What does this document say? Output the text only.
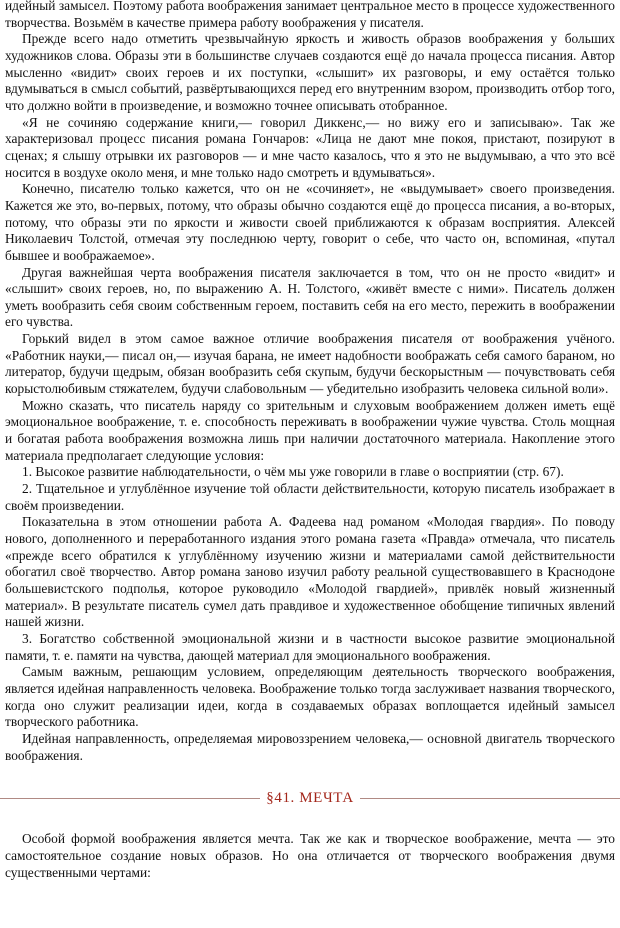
идейный замысел. Поэтому работа воображения занимает центральное место в процессе художественного творчества. Возьмём в качестве примера работу воображения у писателя.

Прежде всего надо отметить чрезвычайную яркость и живость образов воображения у больших художников слова. Образы эти в большинстве случаев создаются ещё до начала процесса писания. Автор мысленно «видит» своих героев и их поступки, «слышит» их разговоры, и ему остаётся только вдумываться в смысл событий, развёртывающихся перед его внутренним взором, производить отбор того, что должно войти в произведение, и возможно точнее описывать отобранное.

«Я не сочиняю содержание книги,— говорил Диккенс,— но вижу его и записываю». Так же характеризовал процесс писания романа Гончаров: «Лица не дают мне покоя, пристают, позируют в сценах; я слышу отрывки их разговоров — и мне часто казалось, что я это не выдумываю, а что это всё носится в воздухе около меня, и мне только надо смотреть и вдумываться».

Конечно, писателю только кажется, что он не «сочиняет», не «выдумывает» своего произведения. Кажется же это, во-первых, потому, что образы обычно создаются ещё до процесса писания, а во-вторых, потому, что образы эти по яркости и живости своей приближаются к образам восприятия. Алексей Николаевич Толстой, отмечая эту последнюю черту, говорит о себе, что часто он, вспоминая, «путал бывшее и воображаемое».

Другая важнейшая черта воображения писателя заключается в том, что он не просто «видит» и «слышит» своих героев, но, по выражению А. Н. Толстого, «живёт вместе с ними». Писатель должен уметь вообразить себя своим собственным героем, поставить себя на его место, пережить в воображении его чувства.

Горький видел в этом самое важное отличие воображения писателя от воображения учёного. «Работник науки,— писал он,— изучая барана, не имеет надобности воображать себя самого бараном, но литератор, будучи щедрым, обязан вообразить себя скупым, будучи бескорыстным — почувствовать себя корыстолюбивым стяжателем, будучи слабовольным — убедительно изобразить человека сильной воли».

Можно сказать, что писатель наряду со зрительным и слуховым воображением должен иметь ещё эмоциональное воображение, т. е. способность переживать в воображении чужие чувства. Столь мощная и богатая работа воображения возможна лишь при наличии достаточного материала. Накопление этого материала предполагает следующие условия:

1. Высокое развитие наблюдательности, о чём мы уже говорили в главе о восприятии (стр. 67).

2. Тщательное и углублённое изучение той области действительности, которую писатель изображает в своём произведении.

Показательна в этом отношении работа А. Фадеева над романом «Молодая гвардия». По поводу нового, дополненного и переработанного издания этого романа газета «Правда» отмечала, что писатель «прежде всего обратился к углублённому изучению жизни и материалами самой действительности обогатил своё творчество. Автор романа заново изучил работу реальной существовавшего в Краснодоне большевистского подполья, которое руководило «Молодой гвардией», привлёк новый жизненный материал». В результате писатель сумел дать правдивое и художественное обобщение типичных явлений нашей жизни.

3. Богатство собственной эмоциональной жизни и в частности высокое развитие эмоциональной памяти, т. е. памяти на чувства, дающей материал для эмоционального воображения.

Самым важным, решающим условием, определяющим деятельность творческого воображения, является идейная направленность человека. Воображение только тогда заслуживает названия творческого, когда оно служит реализации идеи, когда в создаваемых образах воплощается идейный замысел творческого работника.

Идейная направленность, определяемая мировоззрением человека,— основной двигатель творческого воображения.

§41. МЕЧТА

Особой формой воображения является мечта. Так же как и творческое воображение, мечта — это самостоятельное создание новых образов. Но она отличается от творческого воображения двумя существенными чертами:
